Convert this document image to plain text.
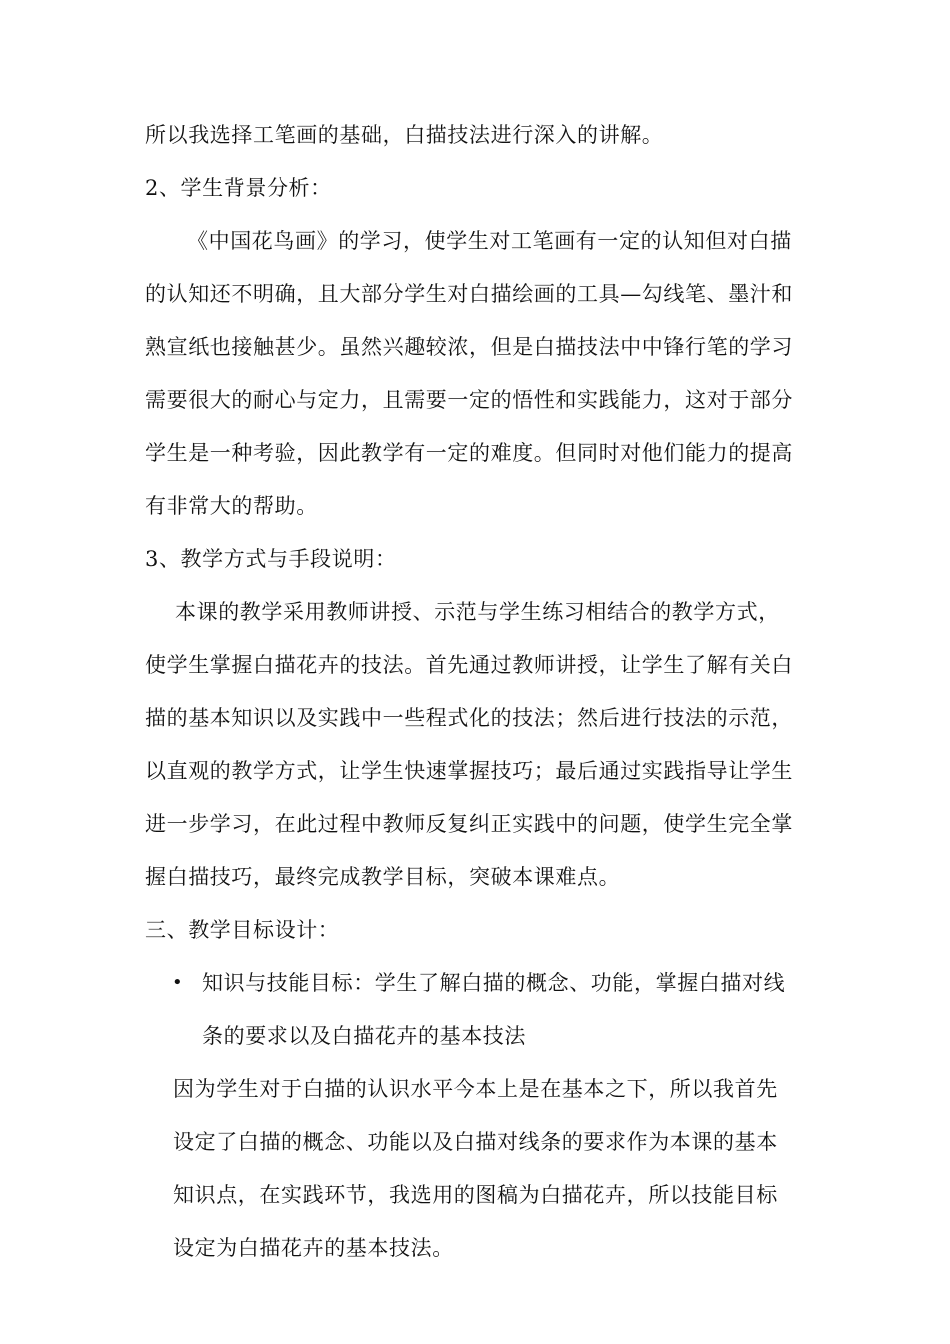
所以我选择工笔画的基础，白描技法进行深入的讲解。
2、学生背景分析：
《中国花鸟画》的学习，使学生对工笔画有一定的认知但对白描
的认知还不明确，且大部分学生对白描绘画的工具—勾线笔、墨汁和
熟宣纸也接触甚少。虽然兴趣较浓，但是白描技法中中锋行笔的学习
需要很大的耐心与定力，且需要一定的悟性和实践能力，这对于部分
学生是一种考验，因此教学有一定的难度。但同时对他们能力的提高
有非常大的帮助。
3、教学方式与手段说明：
本课的教学采用教师讲授、示范与学生练习相结合的教学方式，
使学生掌握白描花卉的技法。首先通过教师讲授，让学生了解有关白
描的基本知识以及实践中一些程式化的技法；然后进行技法的示范，
以直观的教学方式，让学生快速掌握技巧；最后通过实践指导让学生
进一步学习，在此过程中教师反复纠正实践中的问题，使学生完全掌
握白描技巧，最终完成教学目标，突破本课难点。
三、教学目标设计：
• 知识与技能目标：学生了解白描的概念、功能，掌握白描对线
条的要求以及白描花卉的基本技法
因为学生对于白描的认识水平今本上是在基本之下，所以我首先
设定了白描的概念、功能以及白描对线条的要求作为本课的基本
知识点，在实践环节，我选用的图稿为白描花卉，所以技能目标
设定为白描花卉的基本技法。
